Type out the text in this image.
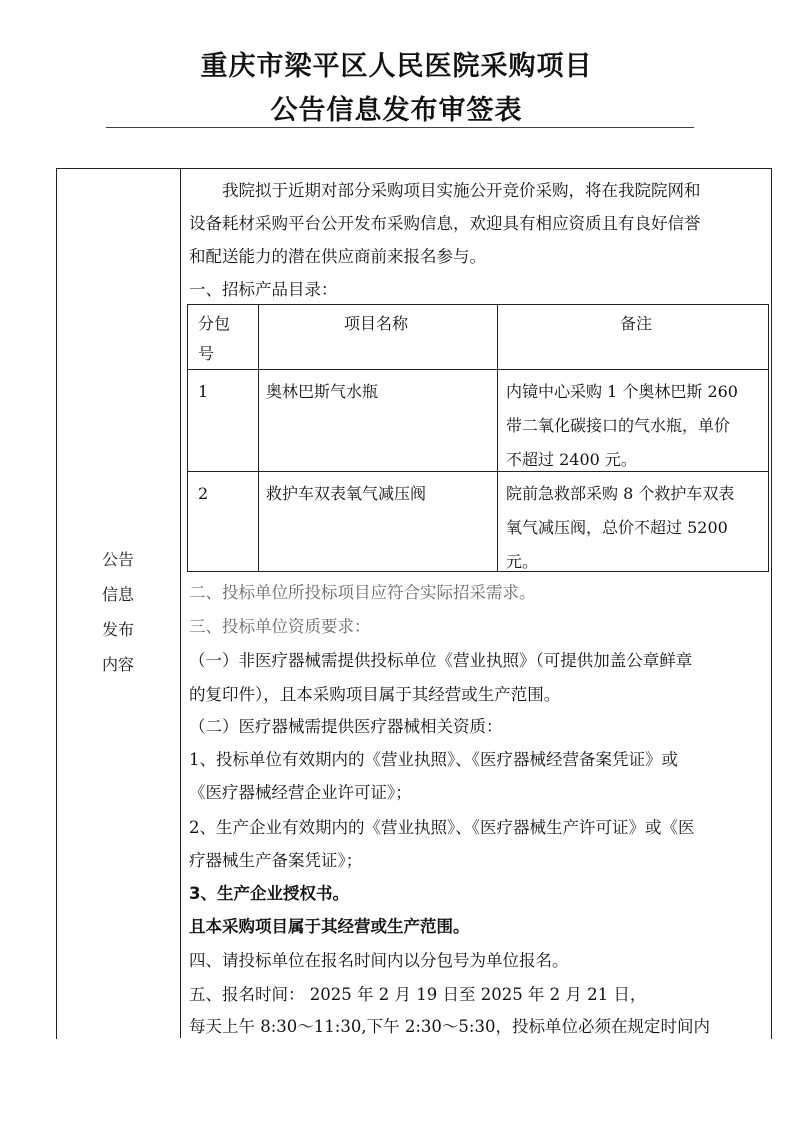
重庆市梁平区人民医院采购项目
公告信息发布审签表
公告
信息
发布
内容
我院拟于近期对部分采购项目实施公开竞价采购，将在我院院网和
设备耗材采购平台公开发布采购信息，欢迎具有相应资质且有良好信誉
和配送能力的潜在供应商前来报名参与。
一、招标产品目录：
分包
号
项目名称	备注
1	奥林巴斯气水瓶	内镜中心采购 1 个奥林巴斯 260
带二氧化碳接口的气水瓶，单价
不超过 2400 元。
2	救护车双表氧气减压阀	院前急救部采购 8 个救护车双表
氧气减压阀，总价不超过 5200
元。
二、投标单位所投标项目应符合实际招采需求。
三、投标单位资质要求：
（一）非医疗器械需提供投标单位《营业执照》（可提供加盖公章鲜章
的复印件），且本采购项目属于其经营或生产范围。
（二）医疗器械需提供医疗器械相关资质：
1、投标单位有效期内的《营业执照》、《医疗器械经营备案凭证》或
《医疗器械经营企业许可证》；
2、生产企业有效期内的《营业执照》、《医疗器械生产许可证》或《医
疗器械生产备案凭证》；
3、生产企业授权书。
且本采购项目属于其经营或生产范围。
四、请投标单位在报名时间内以分包号为单位报名。
五、报名时间： 2025 年 2 月 19 日至 2025 年 2 月 21 日，
每天上午 8:30～11:30,下午 2:30～5:30，投标单位必须在规定时间内
